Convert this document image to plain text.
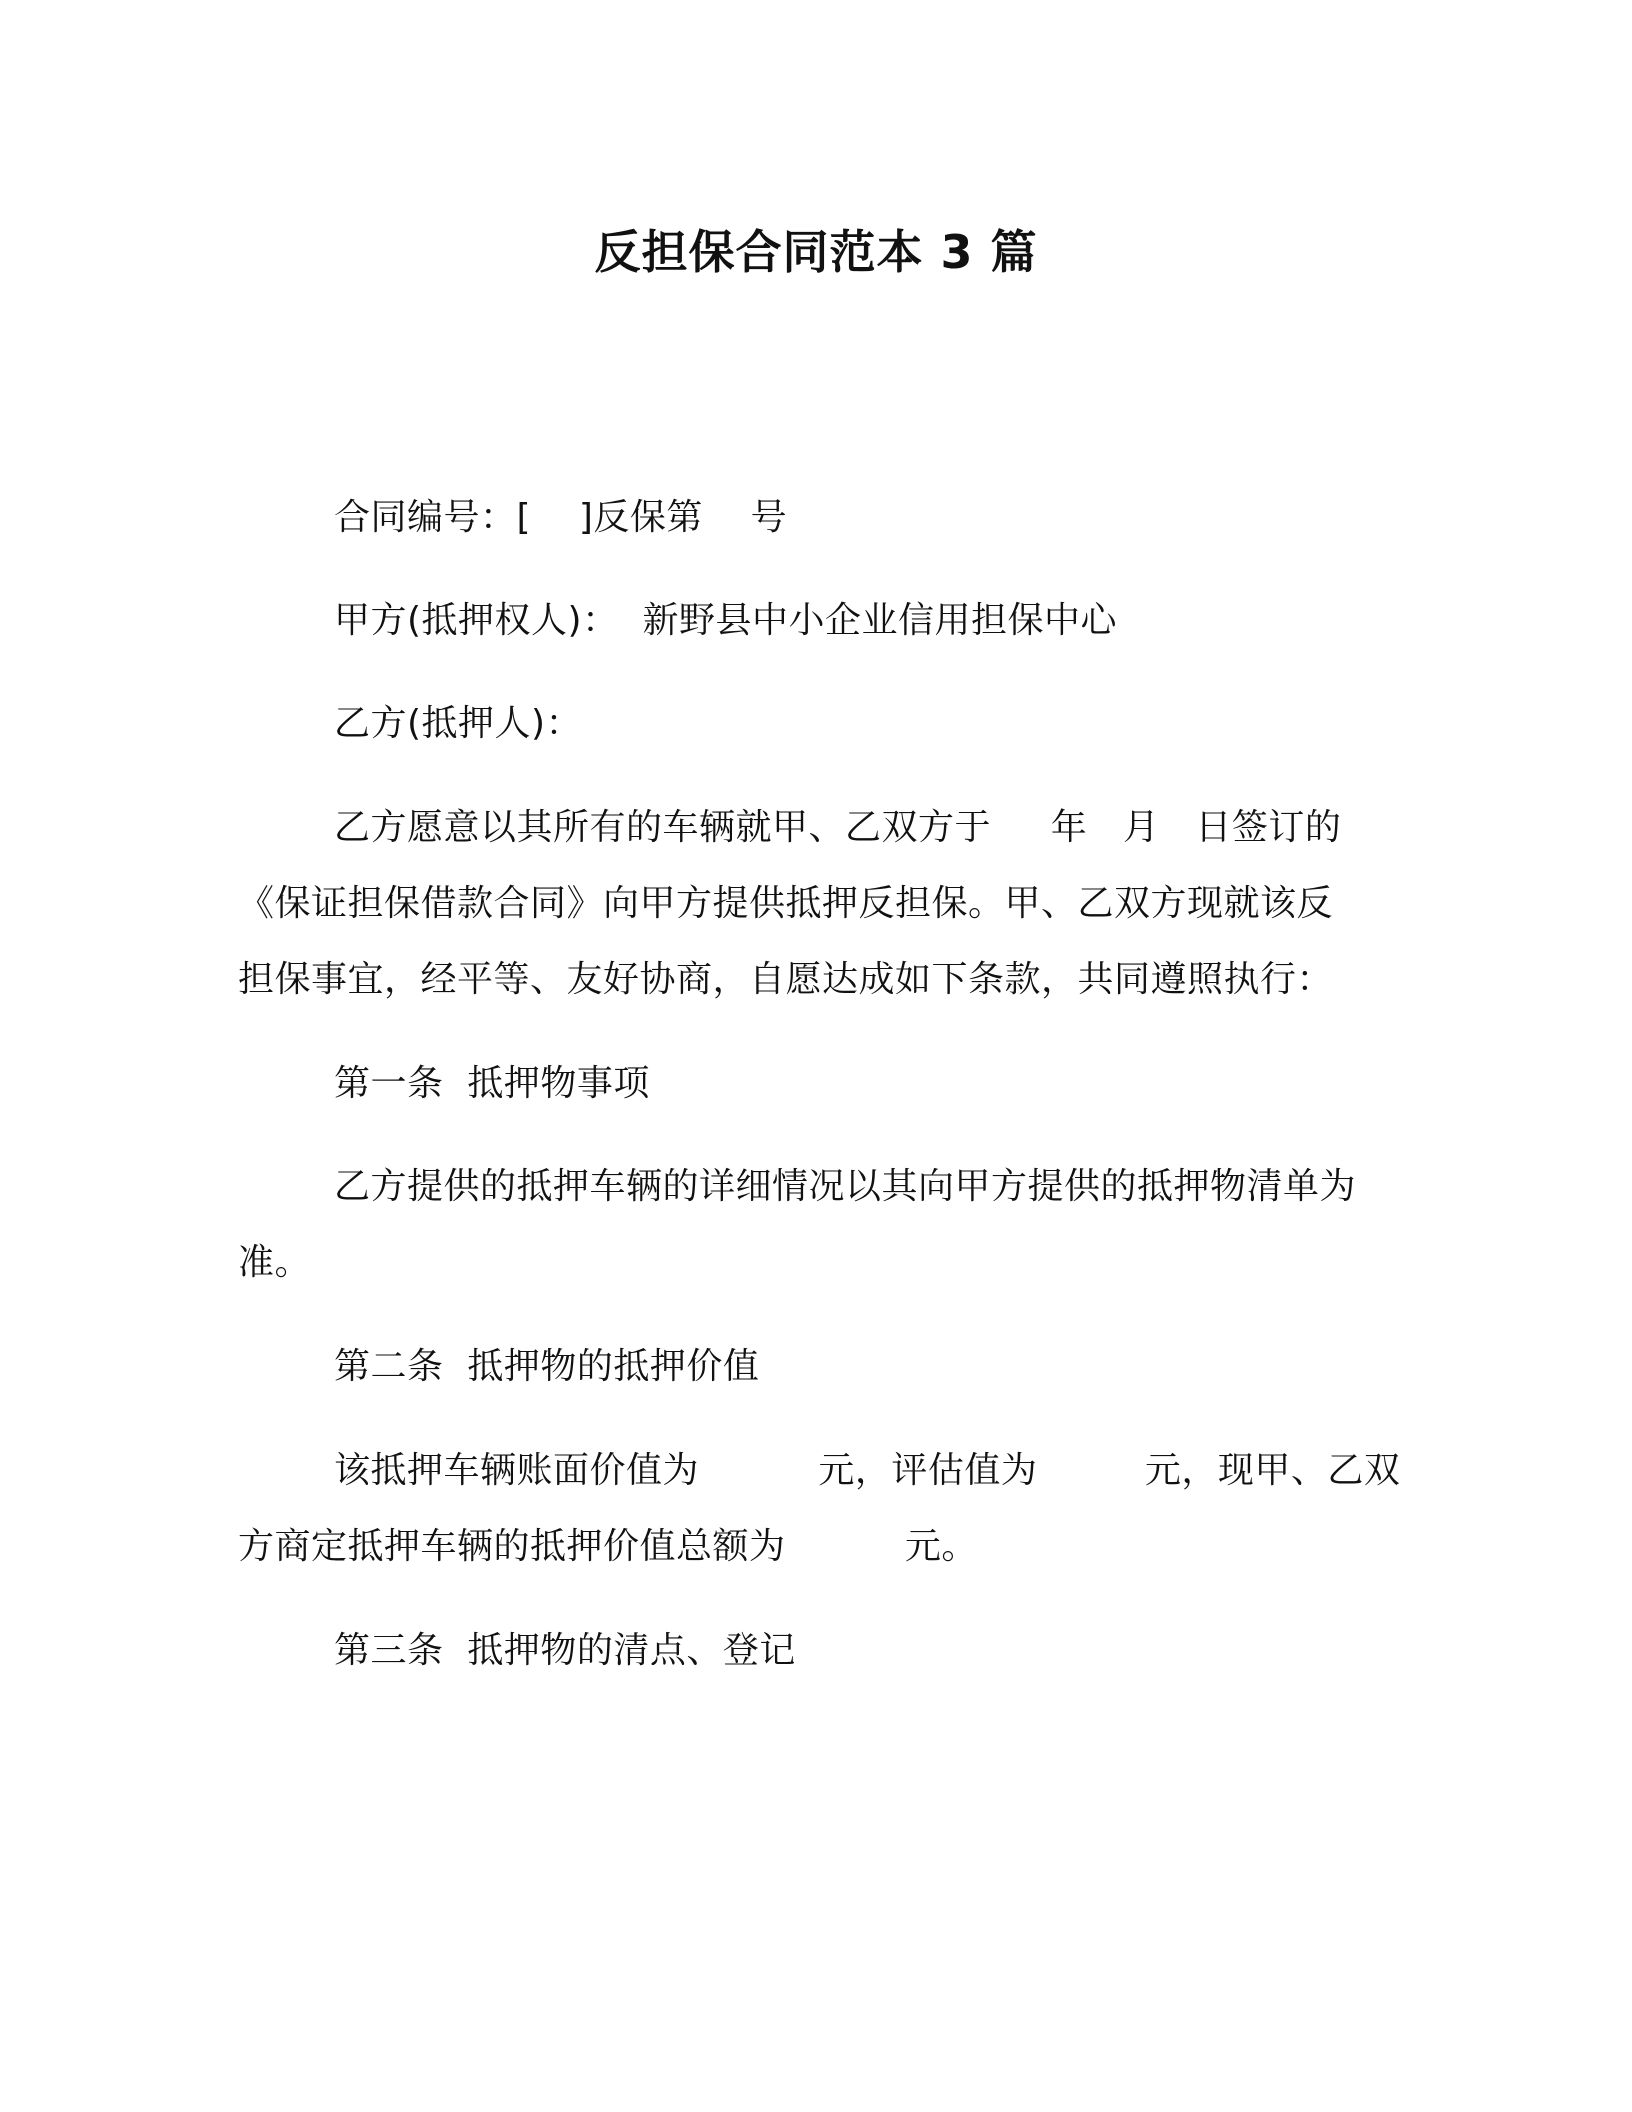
反担保合同范本 3 篇
合同编号：[    ]反保第    号
甲方(抵押权人)：  新野县中小企业信用担保中心
乙方(抵押人)：
乙方愿意以其所有的车辆就甲、乙双方于     年   月   日签订的
《保证担保借款合同》向甲方提供抵押反担保。甲、乙双方现就该反
担保事宜，经平等、友好协商，自愿达成如下条款，共同遵照执行：
第一条  抵押物事项
乙方提供的抵押车辆的详细情况以其向甲方提供的抵押物清单为
准。
第二条  抵押物的抵押价值
该抵押车辆账面价值为          元，评估值为         元，现甲、乙双
方商定抵押车辆的抵押价值总额为          元。
第三条  抵押物的清点、登记
